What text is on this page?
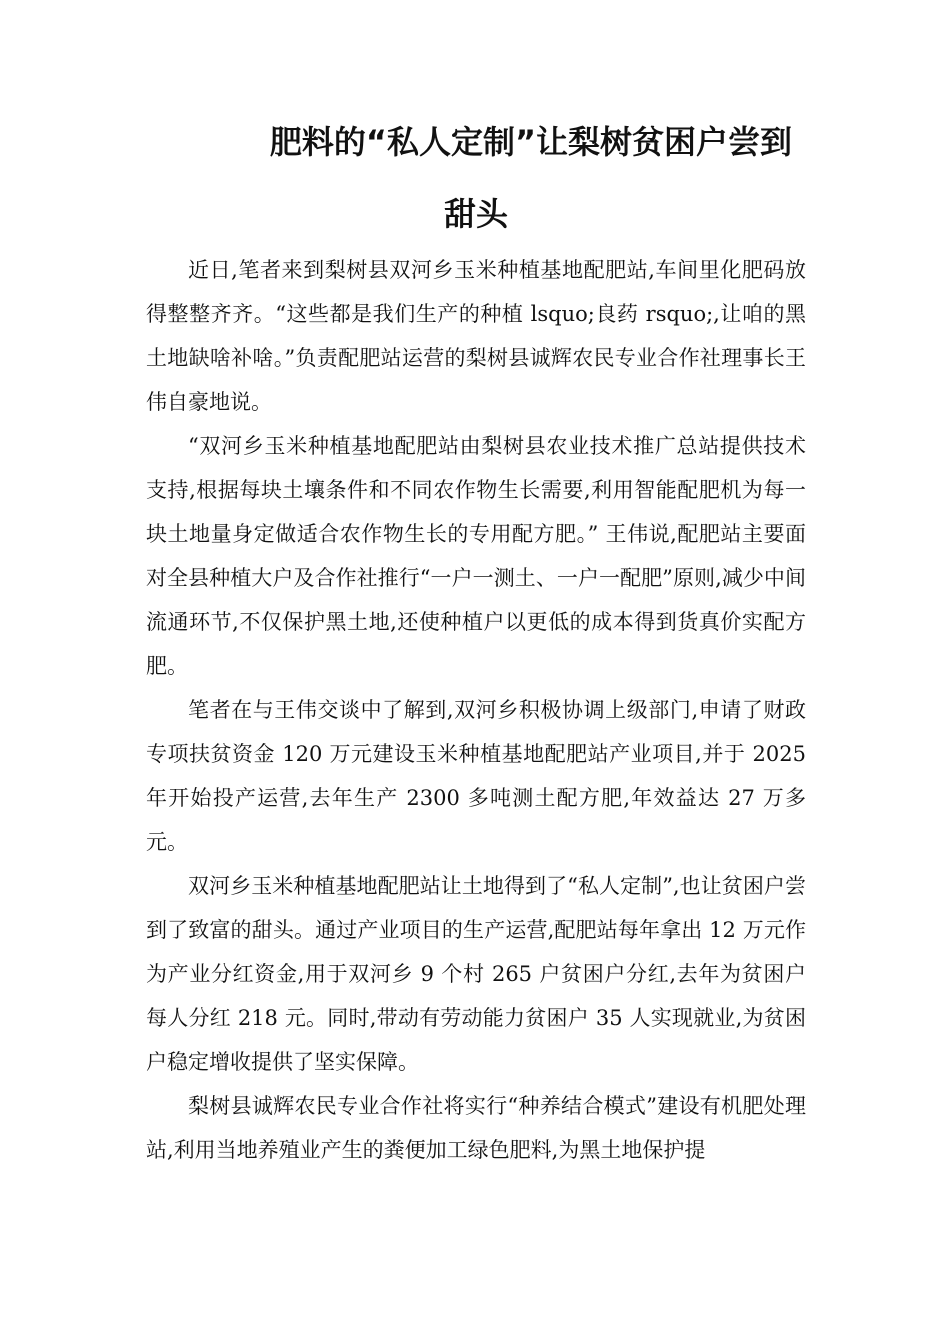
肥料的“私人定制”让梨树贫困户尝到
甜头

近日,笔者来到梨树县双河乡玉米种植基地配肥站,车间里化肥码放得整整齐齐。“这些都是我们生产的种植 lsquo;良药 rsquo;,让咱的黑土地缺啥补啥。”负责配肥站运营的梨树县诚辉农民专业合作社理事长王伟自豪地说。

“双河乡玉米种植基地配肥站由梨树县农业技术推广总站提供技术支持,根据每块土壤条件和不同农作物生长需要,利用智能配肥机为每一块土地量身定做适合农作物生长的专用配方肥。” 王伟说,配肥站主要面对全县种植大户及合作社推行“一户一测土、一户一配肥”原则,减少中间流通环节,不仅保护黑土地,还使种植户以更低的成本得到货真价实配方肥。

笔者在与王伟交谈中了解到,双河乡积极协调上级部门,申请了财政专项扶贫资金 120 万元建设玉米种植基地配肥站产业项目,并于 2025 年开始投产运营,去年生产 2300 多吨测土配方肥,年效益达 27 万多元。

双河乡玉米种植基地配肥站让土地得到了“私人定制”,也让贫困户尝到了致富的甜头。通过产业项目的生产运营,配肥站每年拿出 12 万元作为产业分红资金,用于双河乡 9 个村 265 户贫困户分红,去年为贫困户每人分红 218 元。同时,带动有劳动能力贫困户 35 人实现就业,为贫困户稳定增收提供了坚实保障。

梨树县诚辉农民专业合作社将实行“种养结合模式”建设有机肥处理站,利用当地养殖业产生的粪便加工绿色肥料,为黑土地保护提
